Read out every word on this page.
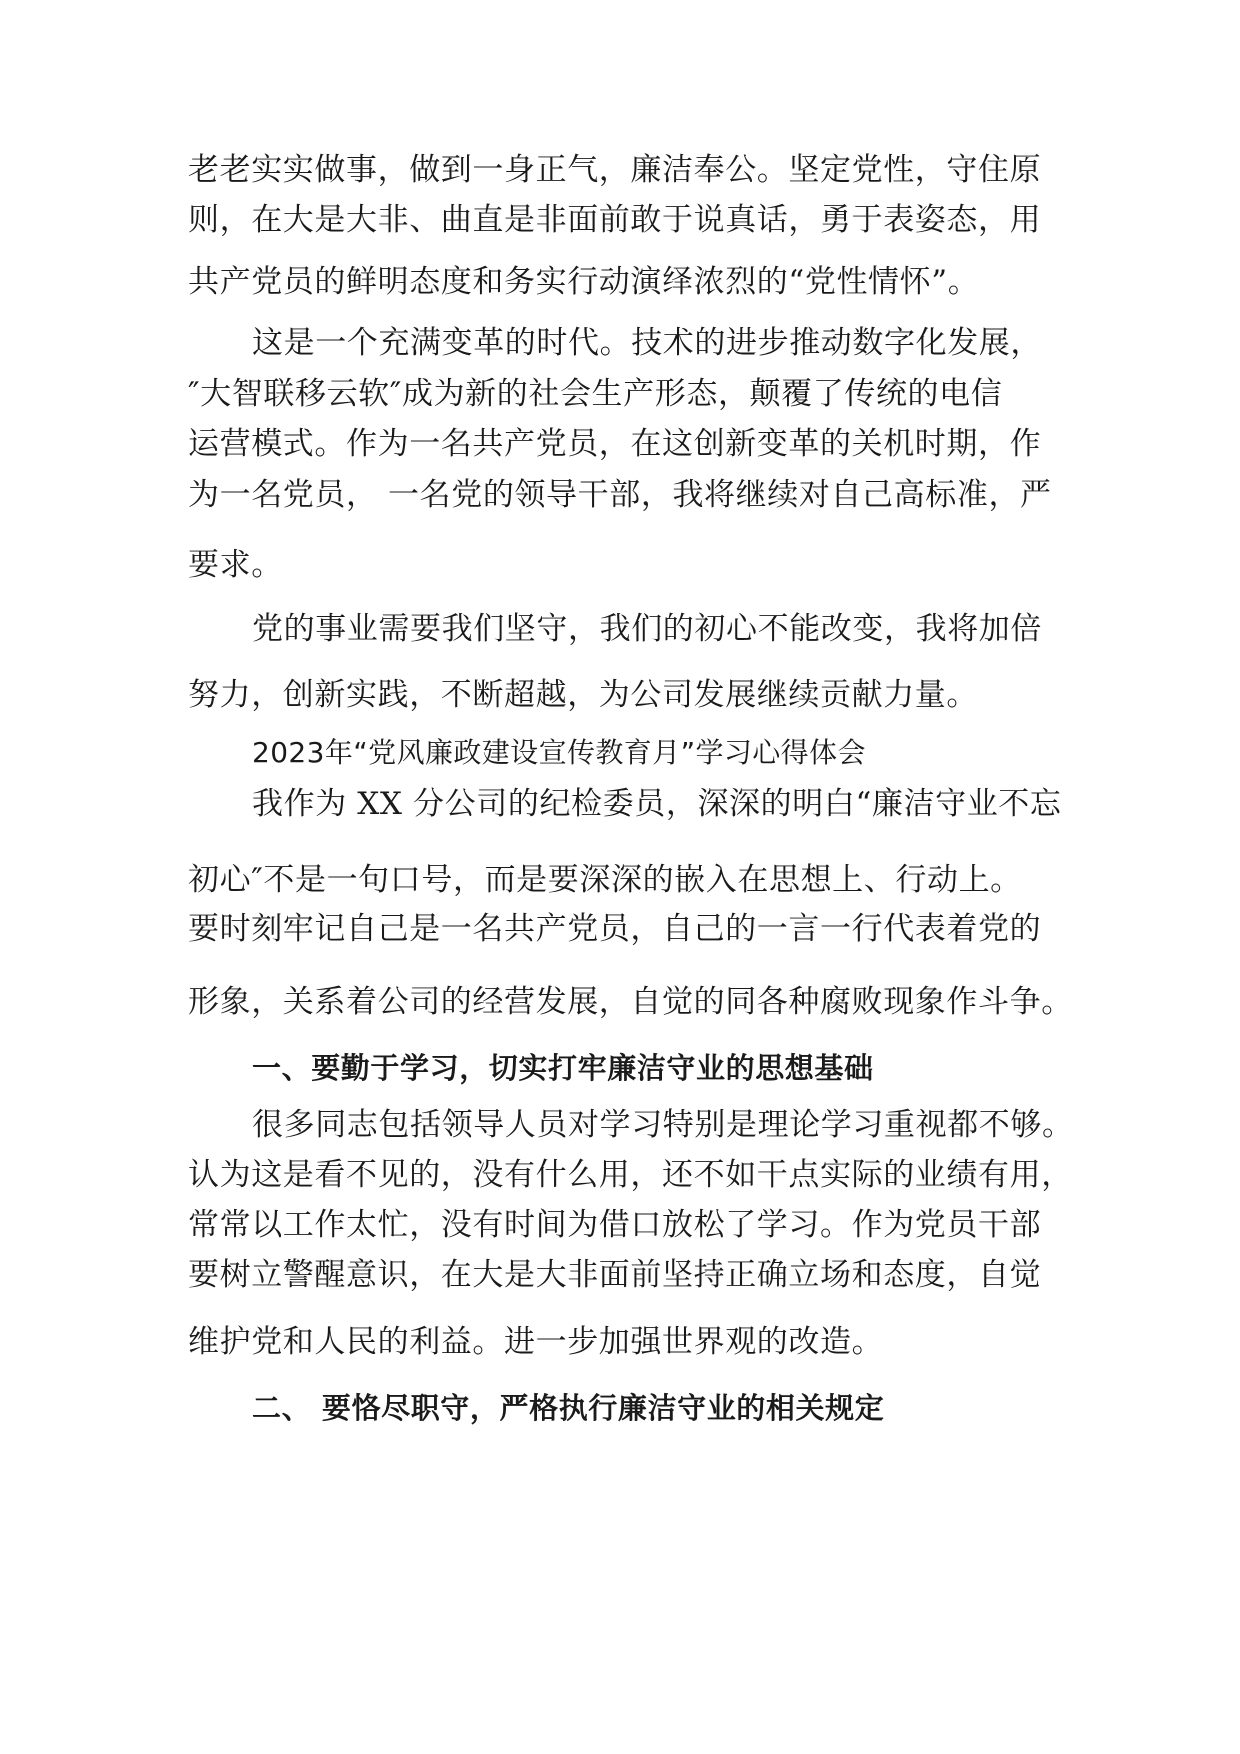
老老实实做事，做到一身正气，廉洁奉公。坚定党性，守住原
则，在大是大非、曲直是非面前敢于说真话，勇于表姿态，用
共产党员的鲜明态度和务实行动演绎浓烈的“党性情怀”。
这是一个充满变革的时代。技术的进步推动数字化发展，
″大智联移云软″成为新的社会生产形态，颠覆了传统的电信
运营模式。作为一名共产党员，在这创新变革的关机时期，作
为一名党员， 一名党的领导干部，我将继续对自己高标准，严
要求。
党的事业需要我们坚守，我们的初心不能改变，我将加倍
努力，创新实践，不断超越，为公司发展继续贡献力量。
2023年“党风廉政建设宣传教育月”学习心得体会
我作为 XX 分公司的纪检委员，深深的明白“廉洁守业不忘
初心″不是一句口号，而是要深深的嵌入在思想上、行动上。
要时刻牢记自己是一名共产党员，自己的一言一行代表着党的
形象，关系着公司的经营发展，自觉的同各种腐败现象作斗争。
一、要勤于学习，切实打牢廉洁守业的思想基础
很多同志包括领导人员对学习特别是理论学习重视都不够。
认为这是看不见的，没有什么用，还不如干点实际的业绩有用，
常常以工作太忙，没有时间为借口放松了学习。作为党员干部
要树立警醒意识，在大是大非面前坚持正确立场和态度，自觉
维护党和人民的利益。进一步加强世界观的改造。
二、 要恪尽职守，严格执行廉洁守业的相关规定
